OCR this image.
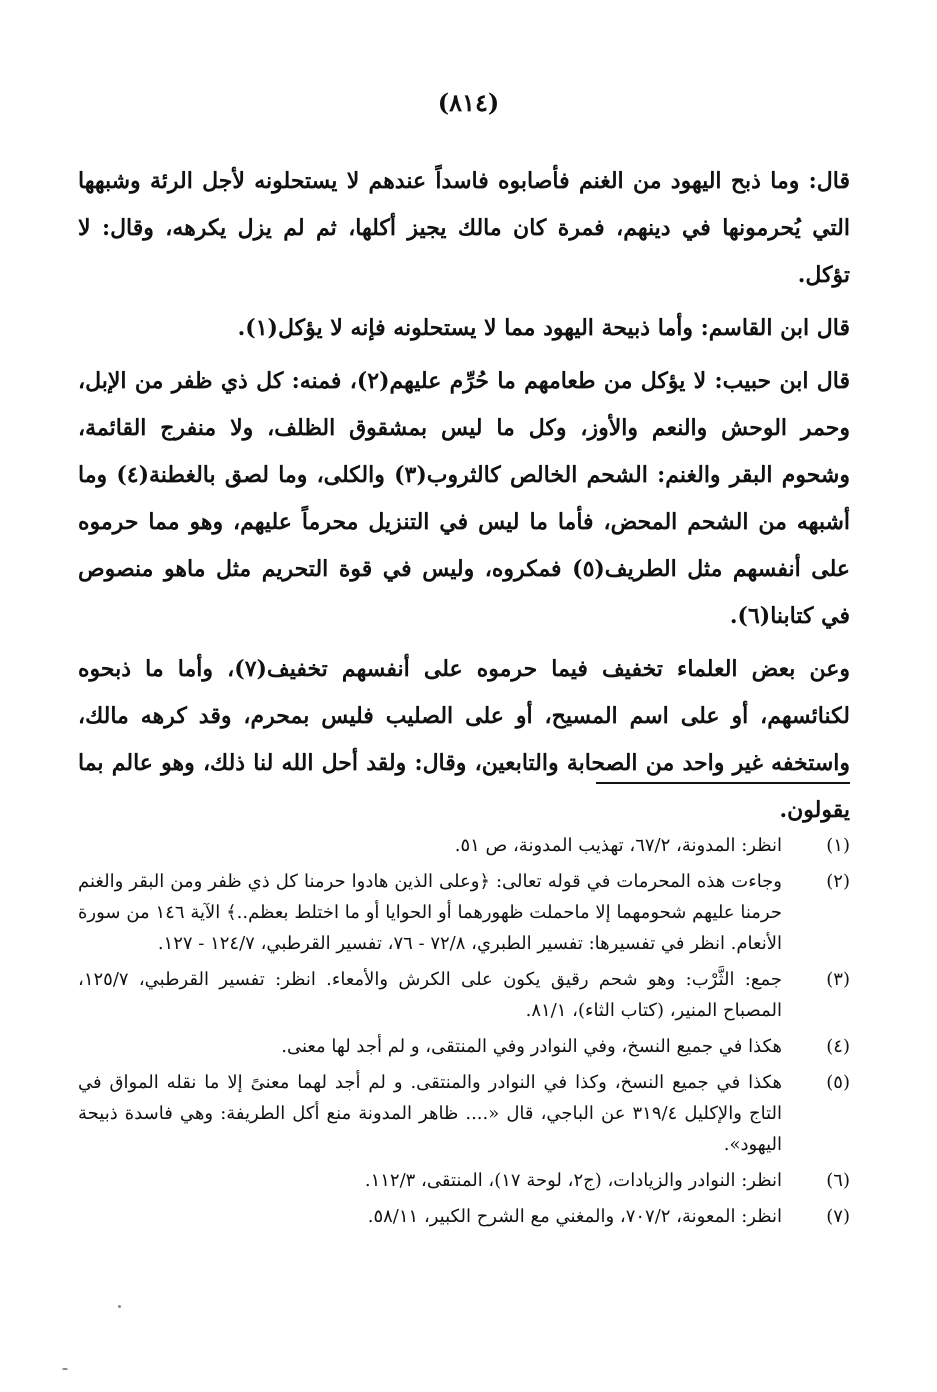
(٨١٤)

قال: وما ذبح اليهود من الغنم فأصابوه فاسداً عندهم لا يستحلونه لأجل الرئة وشبهها التي يُحرمونها في دينهم، فمرة كان مالك يجيز أكلها، ثم لم يزل يكرهه، وقال: لا تؤكل.

قال ابن القاسم: وأما ذبيحة اليهود مما لا يستحلونه فإنه لا يؤكل(١).

قال ابن حبيب: لا يؤكل من طعامهم ما حُرِّم عليهم(٢)، فمنه: كل ذي ظفر من الإبل، وحمر الوحش والنعم والأوز، وكل ما ليس بمشقوق الظلف، ولا منفرج القائمة، وشحوم البقر والغنم: الشحم الخالص كالثروب(٣) والكلى، وما لصق بالغطنة(٤) وما أشبهه من الشحم المحض، فأما ما ليس في التنزيل محرماً عليهم، وهو مما حرموه على أنفسهم مثل الطريف(٥) فمكروه، وليس في قوة التحريم مثل ماهو منصوص في كتابنا(٦).

وعن بعض العلماء تخفيف فيما حرموه على أنفسهم تخفيف(٧)، وأما ما ذبحوه لكنائسهم، أو على اسم المسيح، أو على الصليب فليس بمحرم، وقد كرهه مالك، واستخفه غير واحد من الصحابة والتابعين، وقال: ولقد أحل الله لنا ذلك، وهو عالم بما يقولون.

(١)
انظر: المدونة، ٦٧/٢، تهذيب المدونة، ص ٥١.
(٢)
وجاءت هذه المحرمات في قوله تعالى: ﴿وعلى الذين هادوا حرمنا كل ذي ظفر ومن البقر والغنم حرمنا عليهم شحومهما إلا ماحملت ظهورهما أو الحوايا أو ما اختلط بعظم..﴾ الآية ١٤٦ من سورة الأنعام. انظر في تفسيرها: تفسير الطبري، ٧٢/٨ - ٧٦، تفسير القرطبي، ١٢٤/٧ - ١٢٧.
(٣)
جمع: الثَّرْب: وهو شحم رقيق يكون على الكرش والأمعاء. انظر: تفسير القرطبي، ١٢٥/٧، المصباح المنير، (كتاب الثاء)، ٨١/١.
(٤)
هكذا في جميع النسخ، وفي النوادر وفي المنتقى، و لم أجد لها معنى.
(٥)
هكذا في جميع النسخ، وكذا في النوادر والمنتقى. و لم أجد لهما معنىً إلا ما نقله المواق في التاج والإكليل ٣١٩/٤ عن الباجي، قال «.... ظاهر المدونة منع أكل الطريفة: وهي فاسدة ذبيحة اليهود».
(٦)
انظر: النوادر والزيادات، (ج٢، لوحة ١٧)، المنتقى، ١١٢/٣.
(٧)
انظر: المعونة، ٧٠٧/٢، والمغني مع الشرح الكبير، ٥٨/١١.
